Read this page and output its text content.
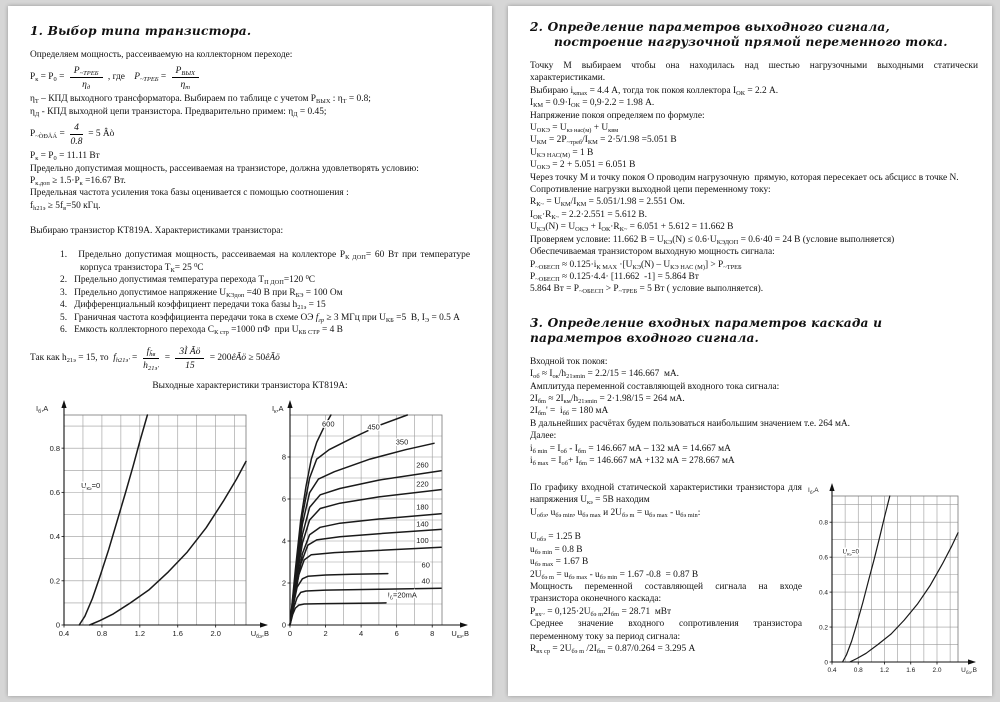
1. Выбор типа транзистора.
Определяем мощность, рассеиваемую на коллекторном переходе:
$P_к = P_0 = \frac{P_{\sim ТРЕБ}}{\eta_д}$ , где    $P_{\sim ТРЕБ} = \frac{P_{ВЫХ}}{\eta_т}$
$\eta_Т$ – КПД выходного трансформатора. Выбираем по таблице с учетом $P_{ВЫХ}$ : $\eta_Т = 0.8$;
$\eta_Д$ - КПД выходной цепи транзистора. Предварительно примем: $\eta_Д = 0.45$;
$P_{\sim ÒÐÅÁ} = \frac{4}{0.8} = 5$ Âò
$P_к = P_0 = 11.11$ Вт
Предельно допустимая мощность, рассеиваемая на транзисторе, должна удовлетворять условию:
$P_{к.доп} \ge 1.5\cdot P_к =16.67$ Вт.
Предельная частота усиления тока базы оценивается с помощью соотношения :
$f_{h21э} \ge 5f_в=50$ кГц.

Выбираю транзистор КТ819А. Характеристиками транзистора:

1.   Предельно допустимая мощность, рассеиваемая на коллекторе $P_{К ДОП}= 60$ Вт при температуре корпуса транзистора $Т_К= 25$ $^0$С
2.   Предельно допустимая температура перехода $Т_{П ДОП}=120$ $^0$С
3.   Предельно допустимое напряжение $U_{КЭдоп} =40$ В при $R_{БЭ} = 100$ Ом
4.   Дифференциальный коэффициент передачи тока базы $h_{21э} = 15$
5.   Граничная частота коэффициента передачи тока в схеме ОЭ $f_{гр} \ge 3$ МГц при $U_{КБ} =5$  В, $I_Э = 0.5$ А
6.   Емкость коллекторного перехода $С_{К стр} =1000$ пФ  при $U_{КБ СТР} = 4$ В
Так как $h_{21э} = 15$, то  $f_{h21э'} = \frac{f_{h̃в}}{h_{21э'}} = \frac{\text{3Ì Ãö}}{15}$ = 200êÃö ≥ 50êÃö
Выходные характеристики транзистора КТ819А:
0.4	0.8	1.2	1.6	2.0
0
0.2
0.4
0.6
0.8
$U_{бэ},В$
$I_б,A$
$U_{кэ}=0$
0	2	4	6	8
0
2
4
6
8
$U_{кэ},В$
$I_к,A$
600	450
350
260
220
180
140
100
60
40
$I_б=20mA$
2. Определение параметров выходного сигнала, построение нагрузочной прямой переменного тока.
Точку М выбираем чтобы она находилась над шестью нагрузочными выходными статически характеристиками.
Выбираю $i_{кmax} = 4.4$ А, тогда ток покоя коллектора $I_{ОК} = 2.2$ А.
$I_{КМ} = 0.9\cdot I_{ОК} = 0,9\cdot 2.2 = 1.98$ А.
Напряжение покоя определяем по формуле:
$U_{ОКЭ} = U_{кэ нас(м)} + U_{квм}$
$U_{КМ} = 2P_{\sim треб}/I_{КМ} = 2\cdot 5/1.98 =5.051$ В
$U_{КЭ НАС(М)} = 1$ В
$U_{ОКЭ} = 2 + 5.051 = 6.051$ В
Через точку М и точку покоя О проводим нагрузочную  прямую, которая пересекает ось абсцисс в точке N.
Сопротивление нагрузки выходной цепи переменному току:
$R_{К\sim} = U_{КМ}/I_{КМ} = 5.051/1.98 = 2.551$ Ом.
$I_{ОК}\cdot R_{К\sim} = 2.2\cdot 2.551 = 5.612$ В.
$U_{КЭ}(N) = U_{ОКЭ} + I_{ОК}\cdot R_{К\sim} = 6.051 + 5.612 = 11.662$ В
Проверяем условие: 11.662 $В = U_{КЭ}(N) \le 0.6\cdot U_{КЭДОП} = 0.6\cdot 40 = 24$ В (условие выполняется)
Обеспечиваемая транзистором выходную мощность сигнала:
$P_{\sim ОБЕСП} \approx 0.125\cdot i_{К МАХ} \cdot[U_{КЭ}(N) - U_{КЭ НАС (М)}] > P_{\sim ТРЕБ}$
$P_{\sim ОБЕСП} \approx 0.125\cdot 4.4\cdot [11.662$  -1] = 5.864 Вт
5.864 Вт = $P_{\sim ОБЕСП} > P_{\sim ТРЕБ} = 5$ Вт ( условие выполняется).
3. Определение входных параметров каскада и параметров входного сигнала.
Входной ток покоя:
$I_{об} \approx I_{ок}/h_{21эmin} = 2.2/15 = 146.667$  мА.
Амплитуда переменной составляющей входного тока сигнала:
$2I_{бm} \approx 2I_{км}/h_{21эmin} = 2\cdot 1.98/15 = 264$ мА.
$2I_{бm}' = i_{бб} = 180$ мА
В дальнейших расчётах будем пользоваться наибольшим значением т.е. 264 мА.
Далее:
$i_{б min} = I_{об} - I_{бm} = 146.667$ мА – 132 мА = 14.667 мА
$i_{б max} = I_{об}+ I_{бm} = 146.667$ мА +132 мА = 278.667 мА

По графику входной статической характеристики транзистора для напряжения $U_{кэ} = 5В$ находим
$U_{обэ}$, $u_{бэ min}$, $u_{бэ max}$ и $2U_{бэ m} = u_{бэ max} - u_{бэ min}$:

$U_{обэ} = 1.25$ В
$u_{бэ min} = 0.8$ В
$u_{бэ max} = 1.67$ В
$2U_{бэ m} = u_{бэ max} - u_{бэ min} = 1.67$ -0.8  = 0.87 В
Мощность переменной составляющей сигнала на входе транзистора оконечного каскада:
$P_{вх\sim} = 0,125\cdot 2U_{бэ m}2I_{бm} = 28.71$  мВт
Среднее значение входного сопротивления транзистора переменному току за период сигнала:
$R_{вх ср} = 2U_{бэ m}$ $/2I_{бm} = 0.87/0.264 = 3.295$ А
0.4	0.8	1.2	1.6	2.0
0
0.2
0.4
0.6
0.8
$U_{бэ},В$
$I_б,A$
$U_{кэ}=0$
